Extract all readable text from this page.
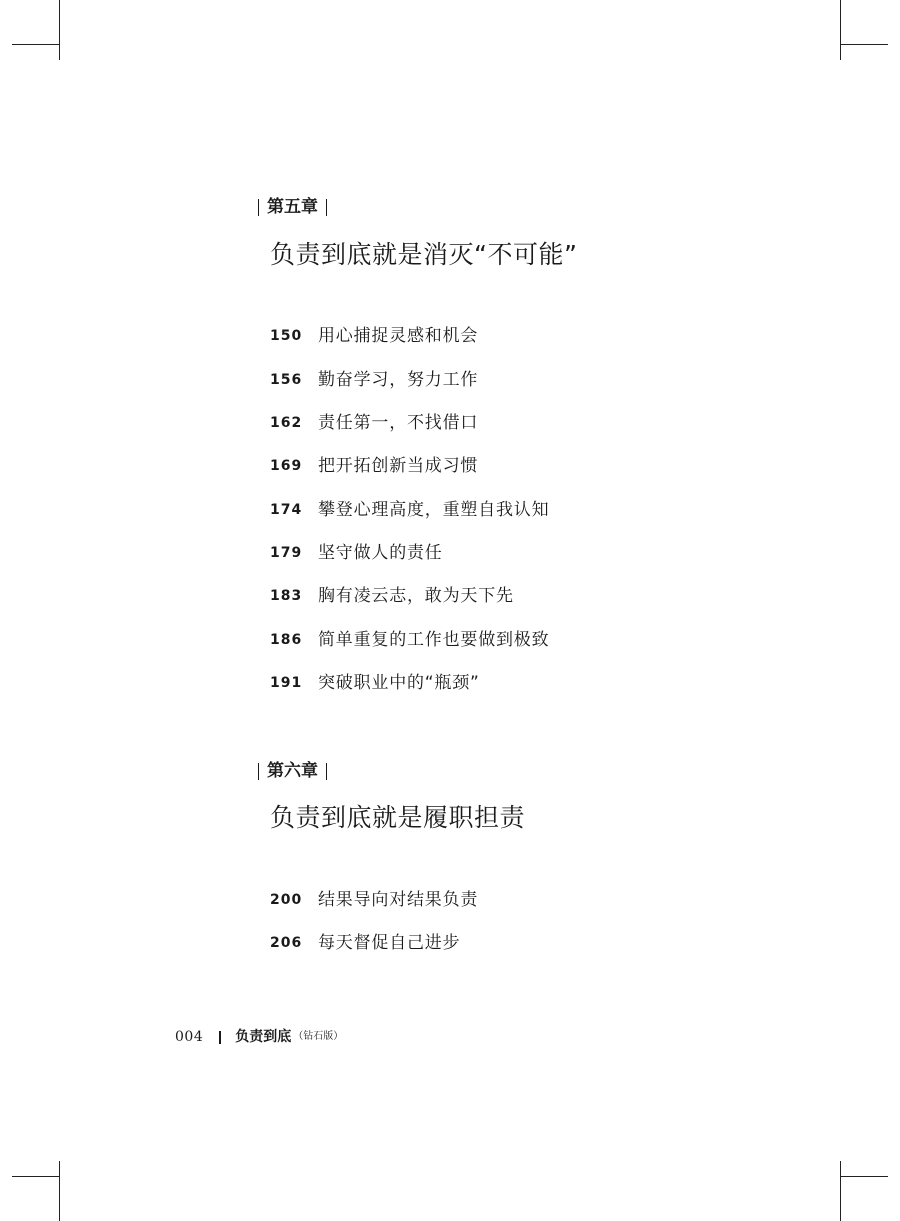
第五章
负责到底就是消灭“不可能”
150 用心捕捉灵感和机会
156 勤奋学习，努力工作
162 责任第一，不找借口
169 把开拓创新当成习惯
174 攀登心理高度，重塑自我认知
179 坚守做人的责任
183 胸有凌云志，敢为天下先
186 简单重复的工作也要做到极致
191 突破职业中的“瓶颈”
第六章
负责到底就是履职担责
200 结果导向对结果负责
206 每天督促自己进步
004 负责到底 （钻石版）
